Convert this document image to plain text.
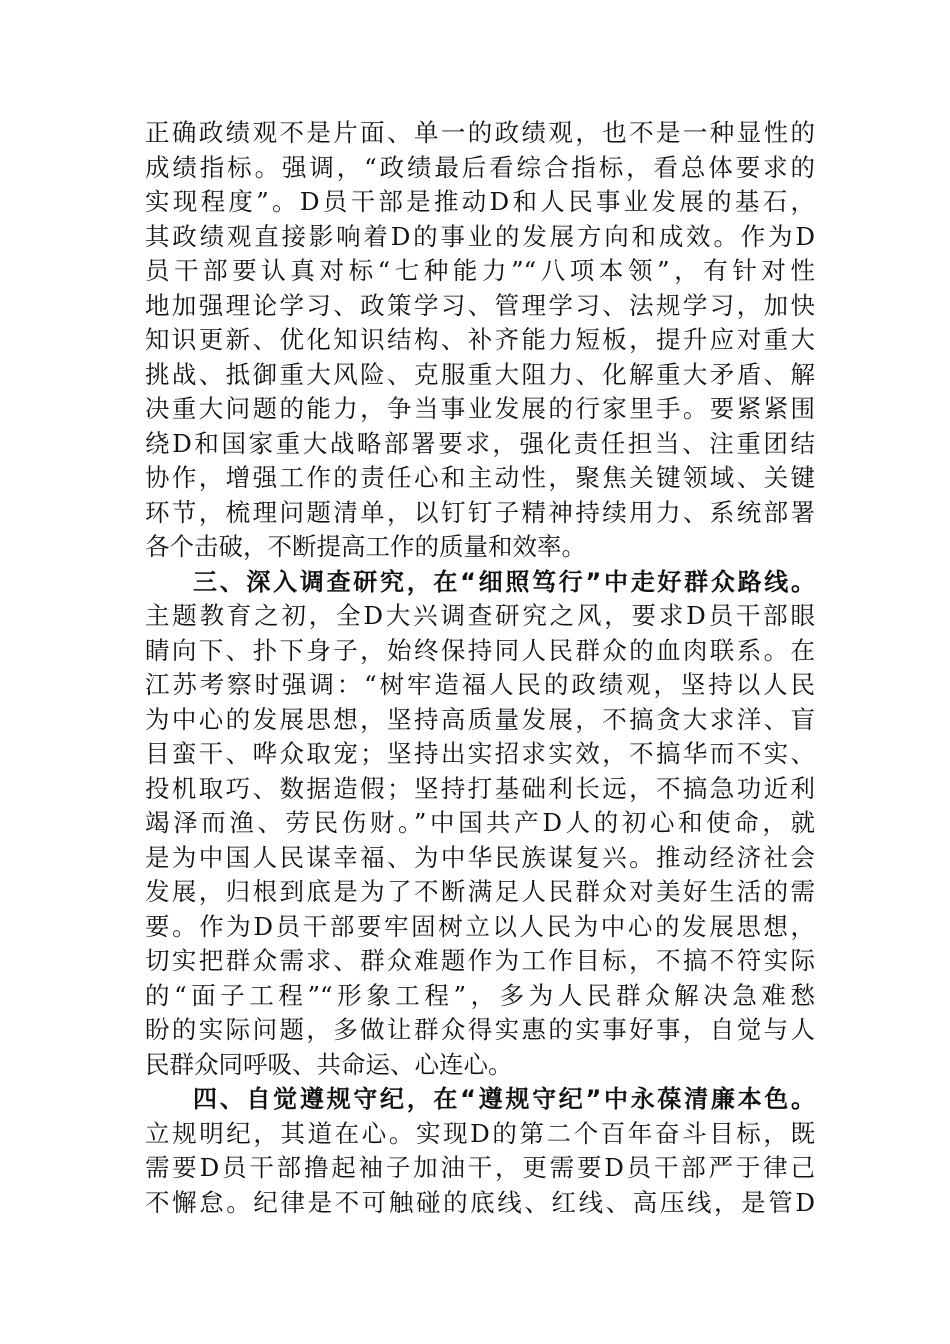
正确政绩观不是片面、单一的政绩观，也不是一种显性的
成绩指标。强调，“政绩最后看综合指标，看总体要求的
实现程度”。D员干部是推动D和人民事业发展的基石，
其政绩观直接影响着D的事业的发展方向和成效。作为D
员干部要认真对标“七种能力”“八项本领”，有针对性
地加强理论学习、政策学习、管理学习、法规学习，加快
知识更新、优化知识结构、补齐能力短板，提升应对重大
挑战、抵御重大风险、克服重大阻力、化解重大矛盾、解
决重大问题的能力，争当事业发展的行家里手。要紧紧围
绕D和国家重大战略部署要求，强化责任担当、注重团结
协作，增强工作的责任心和主动性，聚焦关键领域、关键
环节，梳理问题清单，以钉钉子精神持续用力、系统部署
各个击破，不断提高工作的质量和效率。
三、深入调查研究，在“细照笃行”中走好群众路线。
主题教育之初，全D大兴调查研究之风，要求D员干部眼
睛向下、扑下身子，始终保持同人民群众的血肉联系。在
江苏考察时强调：“树牢造福人民的政绩观，坚持以人民
为中心的发展思想，坚持高质量发展，不搞贪大求洋、盲
目蛮干、哗众取宠；坚持出实招求实效，不搞华而不实、
投机取巧、数据造假；坚持打基础利长远，不搞急功近利
竭泽而渔、劳民伤财。”中国共产D人的初心和使命，就
是为中国人民谋幸福、为中华民族谋复兴。推动经济社会
发展，归根到底是为了不断满足人民群众对美好生活的需
要。作为D员干部要牢固树立以人民为中心的发展思想，
切实把群众需求、群众难题作为工作目标，不搞不符实际
的“面子工程”“形象工程”，多为人民群众解决急难愁
盼的实际问题，多做让群众得实惠的实事好事，自觉与人
民群众同呼吸、共命运、心连心。
四、自觉遵规守纪，在“遵规守纪”中永葆清廉本色。
立规明纪，其道在心。实现D的第二个百年奋斗目标，既
需要D员干部撸起袖子加油干，更需要D员干部严于律己
不懈怠。纪律是不可触碰的底线、红线、高压线，是管D
